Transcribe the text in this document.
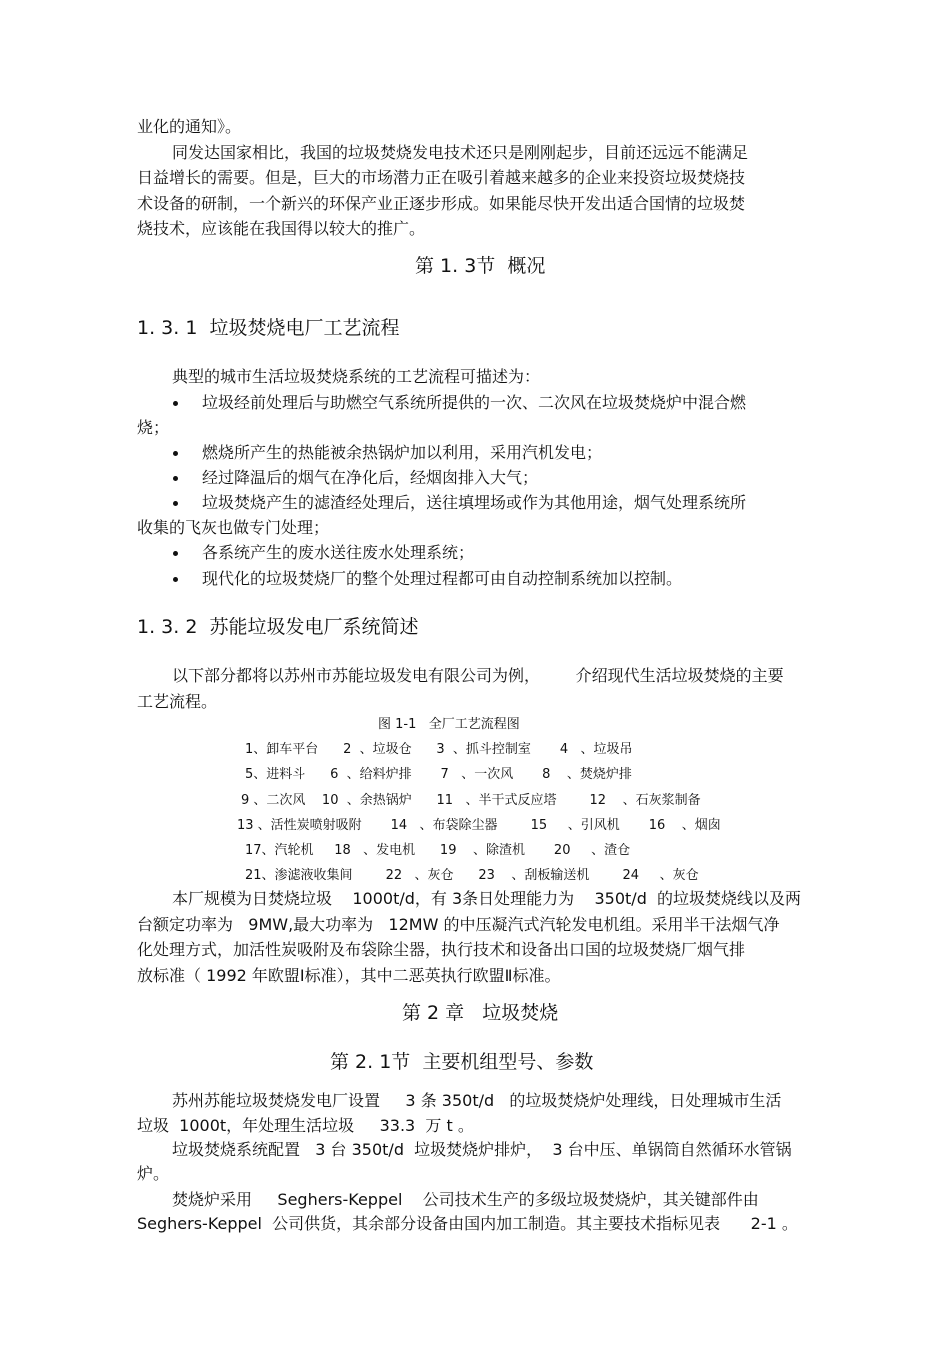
业化的通知》。
同发达国家相比，我国的垃圾焚烧发电技术还只是刚刚起步，目前还远远不能满足
日益增长的需要。但是，巨大的市场潜力正在吸引着越来越多的企业来投资垃圾焚烧技
术设备的研制，一个新兴的环保产业正逐步形成。如果能尽快开发出适合国情的垃圾焚
烧技术，应该能在我国得以较大的推广。
第 1. 3节  概况
1. 3. 1  垃圾焚烧电厂工艺流程
典型的城市生活垃圾焚烧系统的工艺流程可描述为：
垃圾经前处理后与助燃空气系统所提供的一次、二次风在垃圾焚烧炉中混合燃
烧；
燃烧所产生的热能被余热锅炉加以利用，采用汽机发电；
经过降温后的烟气在净化后，经烟囱排入大气；
垃圾焚烧产生的滤渣经处理后，送往填埋场或作为其他用途，烟气处理系统所
收集的飞灰也做专门处理；
各系统产生的废水送往废水处理系统；
现代化的垃圾焚烧厂的整个处理过程都可由自动控制系统加以控制。
1. 3. 2  苏能垃圾发电厂系统简述
以下部分都将以苏州市苏能垃圾发电有限公司为例，       介绍现代生活垃圾焚烧的主要
工艺流程。
图 1-1   全厂工艺流程图
1、卸车平台      2  、垃圾仓      3  、抓斗控制室       4   、垃圾吊
5、进料斗      6  、给料炉排       7   、一次风       8    、焚烧炉排
9 、二次风    10  、余热锅炉      11   、半干式反应塔        12    、石灰浆制备
13 、活性炭喷射吸附       14   、布袋除尘器        15     、引风机       16    、烟囱
17、汽轮机     18   、发电机      19    、除渣机       20     、渣仓
21、渗滤液收集间        22   、灰仓      23    、刮板输送机        24     、灰仓
本厂规模为日焚烧垃圾    1000t/d，有 3条日处理能力为    350t/d  的垃圾焚烧线以及两
台额定功率为   9MW,最大功率为   12MW 的中压凝汽式汽轮发电机组。采用半干法烟气净
化处理方式，加活性炭吸附及布袋除尘器，执行技术和设备出口国的垃圾焚烧厂烟气排
放标准（ 1992 年欧盟Ⅰ标准），其中二恶英执行欧盟Ⅱ标准。
第 2 章   垃圾焚烧
第 2. 1节  主要机组型号、参数
苏州苏能垃圾焚烧发电厂设置     3 条 350t/d   的垃圾焚烧炉处理线，日处理城市生活
垃圾  1000t，年处理生活垃圾     33.3  万 t 。
垃圾焚烧系统配置   3 台 350t/d  垃圾焚烧炉排炉，  3 台中压、单锅筒自然循环水管锅
炉。
焚烧炉采用     Seghers-Keppel    公司技术生产的多级垃圾焚烧炉，其关键部件由
Seghers-Keppel  公司供货，其余部分设备由国内加工制造。其主要技术指标见表      2-1 。
